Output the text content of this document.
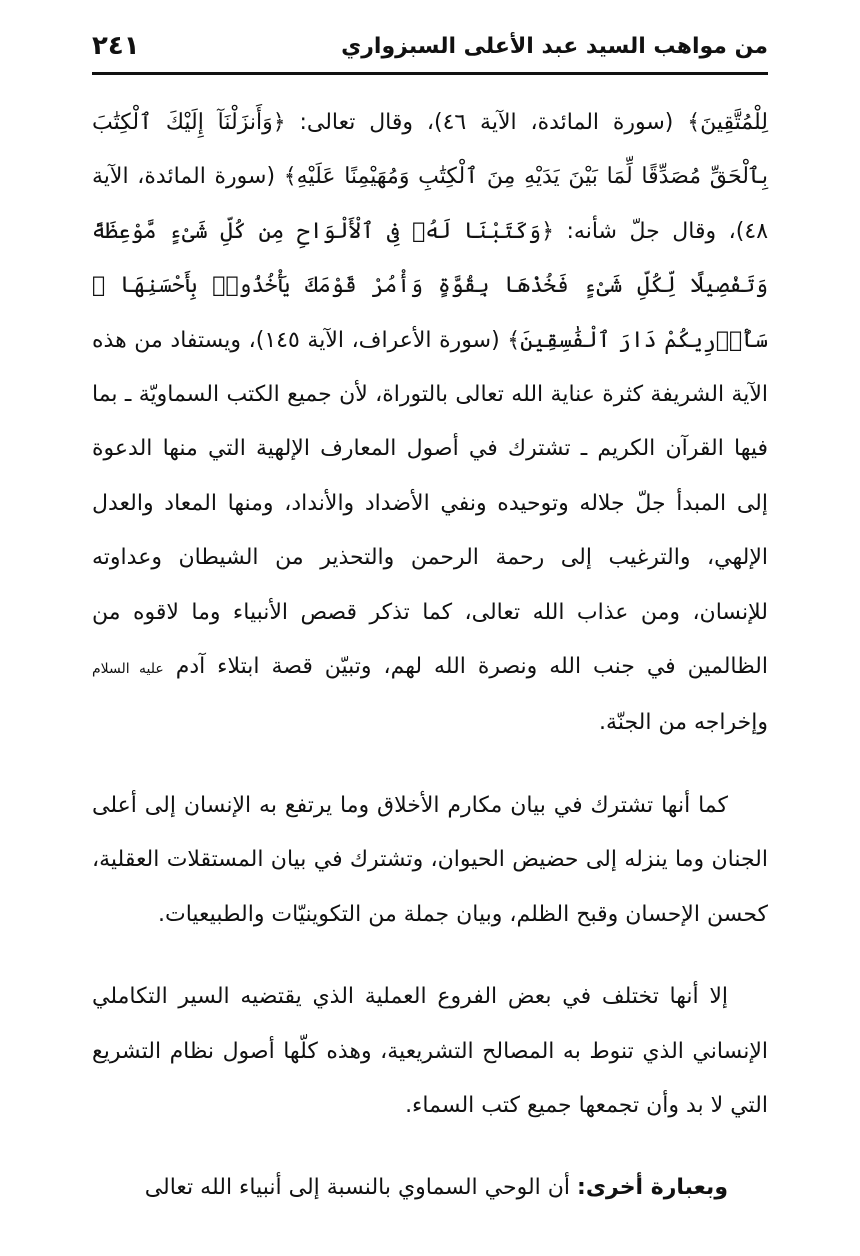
من مواهب السيد عبد الأعلى السبزواري
٢٤١

لِلْمُتَّقِينَ﴾ (سورة المائدة، الآية ٤٦)، وقال تعالى: ﴿وَأَنزَلْنَآ إِلَيْكَ ٱلْكِتَٰبَ بِٱلْحَقِّ مُصَدِّقًا لِّمَا بَيْنَ يَدَيْهِ مِنَ ٱلْكِتَٰبِ وَمُهَيْمِنًا عَلَيْهِ﴾ (سورة المائدة، الآية ٤٨)، وقال جلّ شأنه: ﴿وَكَتَبْنَا لَهُۥ فِى ٱلْأَلْوَاحِ مِن كُلِّ شَىْءٍ مَّوْعِظَةً وَتَفْصِيلًا لِّكُلِّ شَىْءٍ فَخُذْهَا بِقُوَّةٍ وَأْمُرْ قَوْمَكَ يَأْخُذُوا۟ بِأَحْسَنِهَا ۚ سَأُو۟رِيكُمْ دَارَ ٱلْفَٰسِقِينَ﴾ (سورة الأعراف، الآية ١٤٥)، ويستفاد من هذه الآية الشريفة كثرة عناية الله تعالى بالتوراة، لأن جميع الكتب السماويّة ـ بما فيها القرآن الكريم ـ تشترك في أصول المعارف الإلهية التي منها الدعوة إلى المبدأ جلّ جلاله وتوحيده ونفي الأضداد والأنداد، ومنها المعاد والعدل الإلهي، والترغيب إلى رحمة الرحمن والتحذير من الشيطان وعداوته للإنسان، ومن عذاب الله تعالى، كما تذكر قصص الأنبياء وما لاقوه من الظالمين في جنب الله ونصرة الله لهم، وتبيّن قصة ابتلاء آدم عليه السلام وإخراجه من الجنّة.

كما أنها تشترك في بيان مكارم الأخلاق وما يرتفع به الإنسان إلى أعلى الجنان وما ينزله إلى حضيض الحيوان، وتشترك في بيان المستقلات العقلية، كحسن الإحسان وقبح الظلم، وبيان جملة من التكوينيّات والطبيعيات.

إلا أنها تختلف في بعض الفروع العملية الذي يقتضيه السير التكاملي الإنساني الذي تنوط به المصالح التشريعية، وهذه كلّها أصول نظام التشريع التي لا بد وأن تجمعها جميع كتب السماء.

وبعبارة أخرى: أن الوحي السماوي بالنسبة إلى أنبياء الله تعالى
